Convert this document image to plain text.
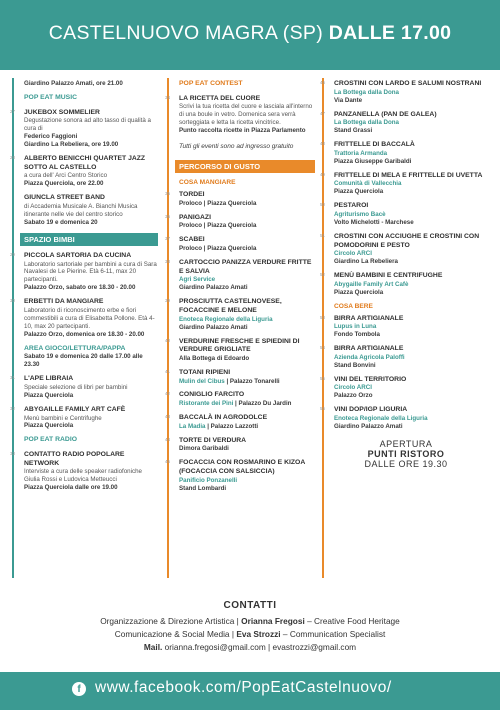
CASTELNUOVO MAGRA (SP) DALLE 17.00
Giardino Palazzo Amati, ore 21.00
POP EAT MUSIC
27 JUKEBOX SOMMELIER
Degustazione sonora ad alto tasso di qualità a cura di
Federico Faggioni
Giardino La Rebeliera, ore 19.00
28 ALBERTO BENICCHI QUARTET JAZZ SOTTO AL CASTELLO
a cura dell' Arci Centro Storico
Piazza Querciola, ore 22.00
GIUNCLA STREET BAND
di Accademia Musicale A. Bianchi Musica itinerante nelle vie del centro storico
Sabato 19 e domenica 20
SPAZIO BIMBI
29 PICCOLA SARTORIA DA CUCINA
Laboratorio sartoriale per bambini a cura di Sara Navalesi de Le Pierine. Età 6-11, max 20 partecipanti.
Palazzo Orzo, sabato ore 18.30 - 20.00
30 ERBETTI DA MANGIARE
Laboratorio di riconoscimento erbe e fiori commestibili a cura di Elisabetta Pollone. Età 4-10, max 20 partecipanti.
Palazzo Orzo, domenica ore 18.30 - 20.00
AREA GIOCO/LETTURA/PAPPA
Sabato 19 e domenica 20 dalle 17.00 alle 23.30
31 L'APE LIBRAIA
Speciale selezione di libri per bambini
Piazza Querciola
32 ABYGAILLE FAMILY ART CAFÈ
Menù bambini e Centrifughe
Piazza Querciola
POP EAT RADIO
33 CONTATTO RADIO POPOLARE NETWORK
Interviste a cura delle speaker radiofoniche Giulia Rossi e Ludovica Metteucci
Piazza Querciola dalle ore 19.00
POP EAT CONTEST
34 LA RICETTA DEL CUORE
Scrivi la tua ricetta del cuore e lasciala all'interno di una boule in vetro. Domenica sera verrà sorteggiata e letta la ricetta vincitrice.
Punto raccolta ricette in Piazza Parlamento
Tutti gli eventi sono ad ingresso gratuito
PERCORSO DI GUSTO
COSA MANGIARE
35 TORDEI
Proloco | Piazza Querciola
36 PANIGAZI
Proloco | Piazza Querciola
37 SCABEI
Proloco | Piazza Querciola
38 CARTOCCIO PANIZZA VERDURE FRITTE E SALVIA
Agri Service
Giardino Palazzo Amati
39 PROSCIUTTA CASTELNOVESE, FOCACCINE E MELONE
Enoteca Regionale della Liguria
Giardino Palazzo Amati
40 VERDURINE FRESCHE E SPIEDINI DI VERDURE GRIGLIATE
Alla Bottega di Edoardo
41 TOTANI RIPIENI
Mulin del Cibus | Palazzo Tonarelli
42 CONIGLIO FARCITO
Ristorante dei Pini | Palazzo Du Jardin
43 BACCALÀ IN AGRODOLCE
La Madia | Palazzo Lazzotti
44 TORTE DI VERDURA
Dimora Garibaldi
45 FOCACCIA CON ROSMARINO E KIZOA (FOCACCIA CON SALSICCIA)
Panificio Ponzanelli
Stand Lombardi
46 CROSTINI CON LARDO E SALUMI NOSTRANI
La Bottega dalla Dona
Via Dante
47 PANZANELLA (PAN DE GALEA)
La Bottega dalla Dona
Stand Grassi
48 FRITTELLE DI BACCALÀ
Trattoria Armanda
Piazza Giuseppe Garibaldi
49 FRITTELLE DI MELA E FRITTELLE DI UVETTA
Comunità di Vallecchia
Piazza Querciola
50 PESTAROI
Agriturismo Bacè
Volto Michelotti - Marchese
51 CROSTINI CON ACCIUGHE E CROSTINI CON POMODORINI E PESTO
Circolo ARCI
Giardino La Rebeliera
52 MENÙ BAMBINI E CENTRIFUGHE
Abygaille Family Art Cafè
Piazza Querciola
COSA BERE
53 BIRRA ARTIGIANALE
Lupus in Luna
Fondo Tombola
54 BIRRA ARTIGIANALE
Azienda Agricola Paloffi
Stand Bonvini
55 VINI DEL TERRITORIO
Circolo ARCI
Palazzo Orzo
56 VINI DOP/IGP LIGURIA
Enoteca Regionale della Liguria
Giardino Palazzo Amati
APERTURA
PUNTI RISTORO
DALLE ORE 19.30
CONTATTI
Organizzazione & Direzione Artistica | Orianna Fregosi – Creative Food Heritage
Comunicazione & Social Media | Eva Strozzi – Communication Specialist
Mail. orianna.fregosi@gmail.com | evastrozzi@gmail.com
f www.facebook.com/PopEatCastelnuovo/
